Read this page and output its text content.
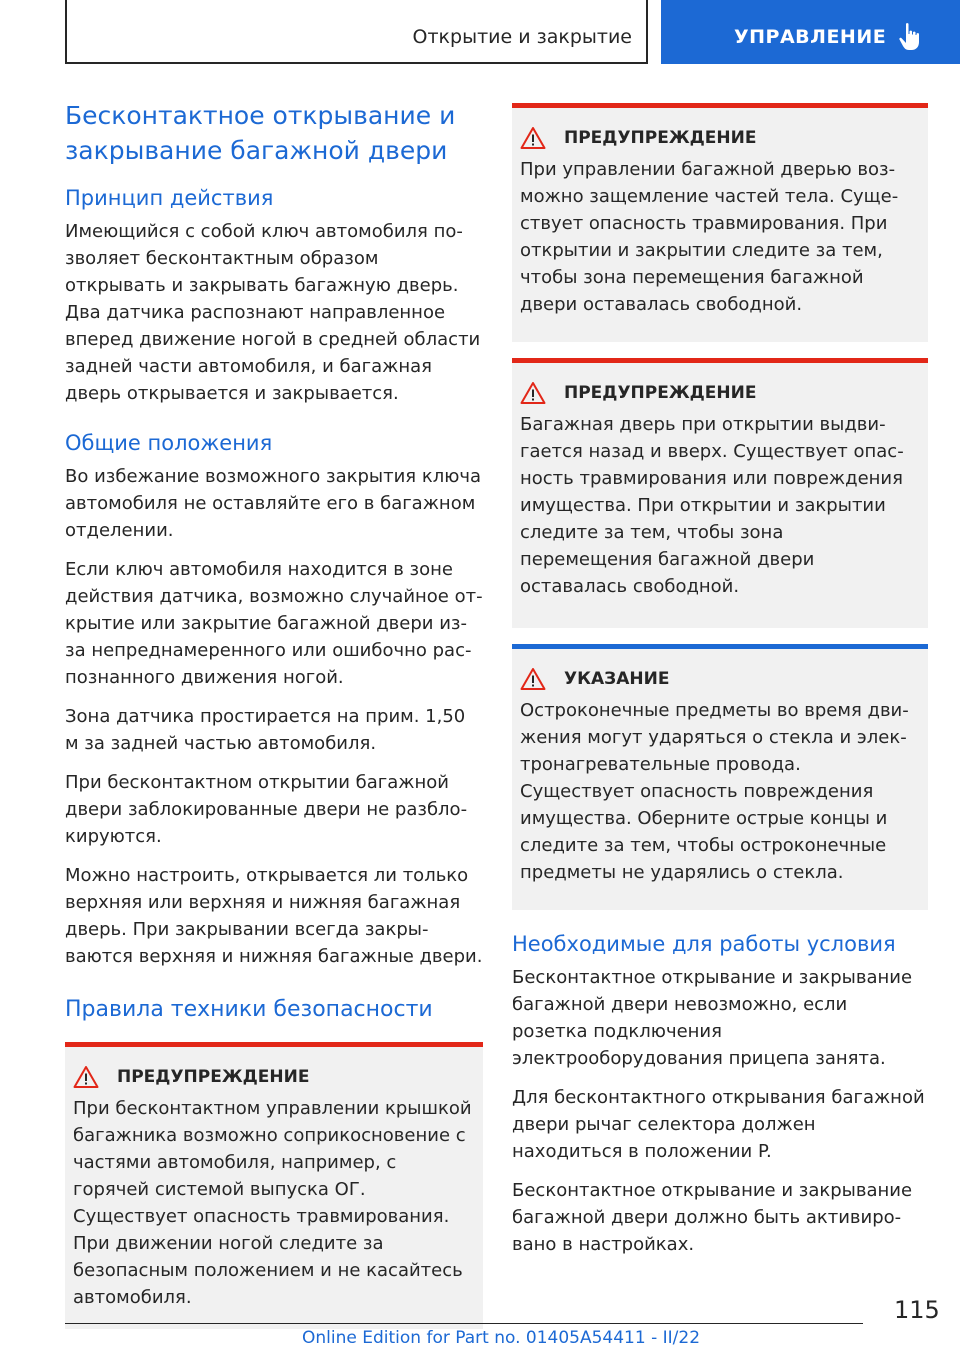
Открытие и закрытие	УПРАВЛЕНИЕ
Бесконтактное открывание и закрывание багажной двери
Принцип действия

Имеющийся с собой ключ автомобиля позволяет бесконтактным образом открывать и закрывать багажную дверь. Два датчика распознают направленное вперед движение ногой в средней области задней части автомобиля, и багажная дверь открывается и закрывается.

Общие положения

Во избежание возможного закрытия ключа автомобиля не оставляйте его в багажном отделении.

Если ключ автомобиля находится в зоне действия датчика, возможно случайное открытие или закрытие багажной двери из-за непреднамеренного или ошибочно распознанного движения ногой.

Зона датчика простирается на прим. 1,50 м за задней частью автомобиля.

При бесконтактном открытии багажной двери заблокированные двери не разблокируются.

Можно настроить, открывается ли только верхняя или верхняя и нижняя багажная дверь. При закрывании всегда закрываются верхняя и нижняя багажные двери.

Правила техники безопасности
ПРЕДУПРЕЖДЕНИЕ
При бесконтактном управлении крышкой багажника возможно соприкосновение с частями автомобиля, например, с горячей системой выпуска ОГ. Существует опасность травмирования. При движении ногой следите за безопасным положением и не касайтесь автомобиля.
ПРЕДУПРЕЖДЕНИЕ
При управлении багажной дверью возможно защемление частей тела. Существует опасность травмирования. При открытии и закрытии следите за тем, чтобы зона перемещения багажной двери оставалась свободной.
ПРЕДУПРЕЖДЕНИЕ
Багажная дверь при открытии выдвигается назад и вверх. Существует опасность травмирования или повреждения имущества. При открытии и закрытии следите за тем, чтобы зона перемещения багажной двери оставалась свободной.
УКАЗАНИЕ
Остроконечные предметы во время движения могут ударяться о стекла и электронагревательные провода. Существует опасность повреждения имущества. Оберните острые концы и следите за тем, чтобы остроконечные предметы не ударялись о стекла.
Необходимые для работы условия

Бесконтактное открывание и закрывание багажной двери невозможно, если розетка подключения электрооборудования прицепа занята.

Для бесконтактного открывания багажной двери рычаг селектора должен находиться в положении P.

Бесконтактное открывание и закрывание багажной двери должно быть активировано в настройках.

115
Online Edition for Part no. 01405A54411 - II/22
